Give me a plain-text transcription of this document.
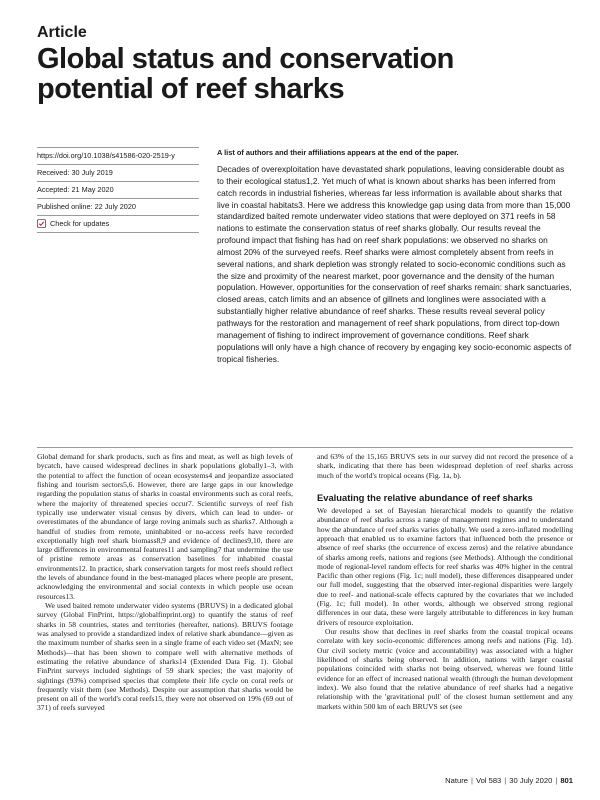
Article
Global status and conservation potential of reef sharks
https://doi.org/10.1038/s41586-020-2519-y
Received: 30 July 2019
Accepted: 21 May 2020
Published online: 22 July 2020
Check for updates
A list of authors and their affiliations appears at the end of the paper.

Decades of overexploitation have devastated shark populations, leaving considerable doubt as to their ecological status1,2. Yet much of what is known about sharks has been inferred from catch records in industrial fisheries, whereas far less information is available about sharks that live in coastal habitats3. Here we address this knowledge gap using data from more than 15,000 standardized baited remote underwater video stations that were deployed on 371 reefs in 58 nations to estimate the conservation status of reef sharks globally. Our results reveal the profound impact that fishing has had on reef shark populations: we observed no sharks on almost 20% of the surveyed reefs. Reef sharks were almost completely absent from reefs in several nations, and shark depletion was strongly related to socio-economic conditions such as the size and proximity of the nearest market, poor governance and the density of the human population. However, opportunities for the conservation of reef sharks remain: shark sanctuaries, closed areas, catch limits and an absence of gillnets and longlines were associated with a substantially higher relative abundance of reef sharks. These results reveal several policy pathways for the restoration and management of reef shark populations, from direct top-down management of fishing to indirect improvement of governance conditions. Reef shark populations will only have a high chance of recovery by engaging key socio-economic aspects of tropical fisheries.

Global demand for shark products, such as fins and meat, as well as high levels of bycatch, have caused widespread declines in shark populations globally1–3, with the potential to affect the function of ocean ecosystems4 and jeopardize associated fishing and tourism sectors5,6. However, there are large gaps in our knowledge regarding the population status of sharks in coastal environments such as coral reefs, where the majority of threatened species occur7. Scientific surveys of reef fish typically use underwater visual census by divers, which can lead to under- or overestimates of the abundance of large roving animals such as sharks7. Although a handful of studies from remote, uninhabited or no-access reefs have recorded exceptionally high reef shark biomass8,9 and evidence of declines9,10, there are large differences in environmental features11 and sampling7 that undermine the use of pristine remote areas as conservation baselines for inhabited coastal environments12. In practice, shark conservation targets for most reefs should reflect the levels of abundance found in the best-managed places where people are present, acknowledging the environmental and social contexts in which people use ocean resources13.

We used baited remote underwater video systems (BRUVS) in a dedicated global survey (Global FinPrint, https://globalfinprint.org) to quantify the status of reef sharks in 58 countries, states and territories (hereafter, nations). BRUVS footage was analysed to provide a standardized index of relative shark abundance—given as the maximum number of sharks seen in a single frame of each video set (MaxN; see Methods)—that has been shown to compare well with alternative methods of estimating the relative abundance of sharks14 (Extended Data Fig. 1). Global FinPrint surveys included sightings of 59 shark species; the vast majority of sightings (93%) comprised species that complete their life cycle on coral reefs or frequently visit them (see Methods). Despite our assumption that sharks would be present on all of the world's coral reefs15, they were not observed on 19% (69 out of 371) of reefs surveyed

and 63% of the 15,165 BRUVS sets in our survey did not record the presence of a shark, indicating that there has been widespread depletion of reef sharks across much of the world's tropical oceans (Fig. 1a, b).

Evaluating the relative abundance of reef sharks

We developed a set of Bayesian hierarchical models to quantify the relative abundance of reef sharks across a range of management regimes and to understand how the abundance of reef sharks varies globally. We used a zero-inflated modelling approach that enabled us to examine factors that influenced both the presence or absence of reef sharks (the occurrence of excess zeros) and the relative abundance of sharks among reefs, nations and regions (see Methods). Although the conditional mode of regional-level random effects for reef sharks was 40% higher in the central Pacific than other regions (Fig. 1c; null model), these differences disappeared under our full model, suggesting that the observed inter-regional disparities were largely due to reef- and national-scale effects captured by the covariates that we included (Fig. 1c; full model). In other words, although we observed strong regional differences in our data, these were largely attributable to differences in key human drivers of resource exploitation.

Our results show that declines in reef sharks from the coastal tropical oceans correlate with key socio-economic differences among reefs and nations (Fig. 1d). Our civil society metric (voice and accountability) was associated with a higher likelihood of sharks being observed. In addition, nations with larger coastal populations coincided with sharks not being observed, whereas we found little evidence for an effect of increased national wealth (through the human development index). We also found that the relative abundance of reef sharks had a negative relationship with the 'gravitational pull' of the closest human settlement and any markets within 500 km of each BRUVS set (see

Nature | Vol 583 | 30 July 2020 | 801
